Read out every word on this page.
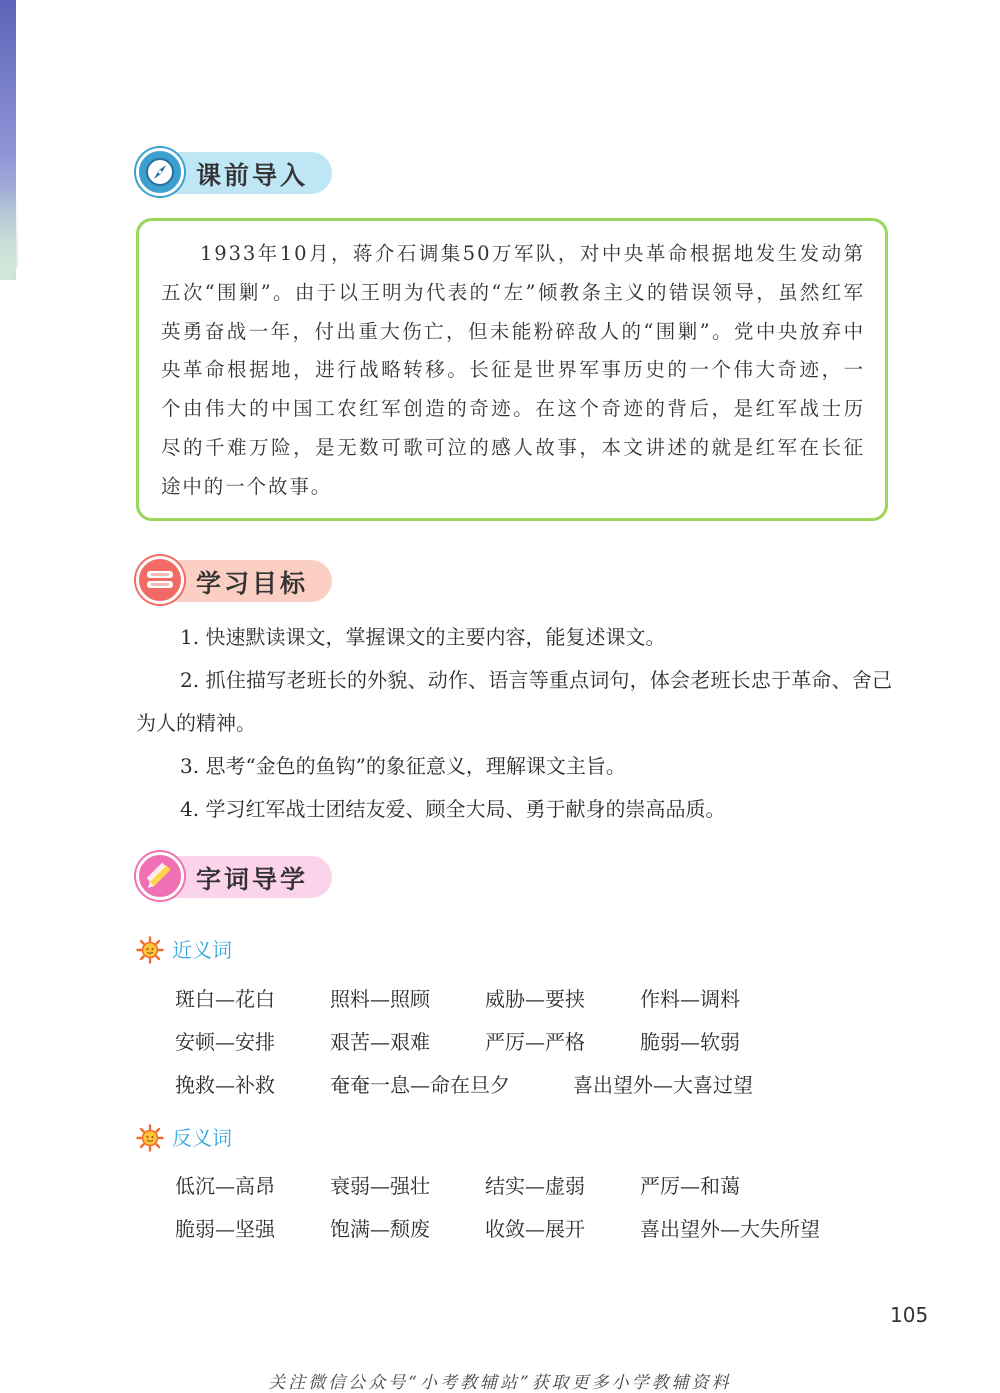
课前导入

1933年10月，蒋介石调集50万军队，对中央革命根据地发生发动第五次“围剿”。由于以王明为代表的“左”倾教条主义的错误领导，虽然红军英勇奋战一年，付出重大伤亡，但未能粉碎敌人的“围剿”。党中央放弃中央革命根据地，进行战略转移。长征是世界军事历史的一个伟大奇迹，一个由伟大的中国工农红军创造的奇迹。在这个奇迹的背后，是红军战士历尽的千难万险，是无数可歌可泣的感人故事，本文讲述的就是红军在长征途中的一个故事。

学习目标

1. 快速默读课文，掌握课文的主要内容，能复述课文。

2. 抓住描写老班长的外貌、动作、语言等重点词句，体会老班长忠于革命、舍己为人的精神。

3. 思考“金色的鱼钩”的象征意义，理解课文主旨。

4. 学习红军战士团结友爱、顾全大局、勇于献身的崇高品质。

字词导学
近义词
斑白—花白	照料—照顾	威胁—要挟	作料—调料
安顿—安排	艰苦—艰难	严厉—严格	脆弱—软弱
挽救—补救	奄奄一息—命在旦夕	喜出望外—大喜过望
反义词
低沉—高昂	衰弱—强壮	结实—虚弱	严厉—和蔼
脆弱—坚强	饱满—颓废	收敛—展开	喜出望外—大失所望
105
关注微信公众号“小考教辅站”获取更多小学教辅资料
